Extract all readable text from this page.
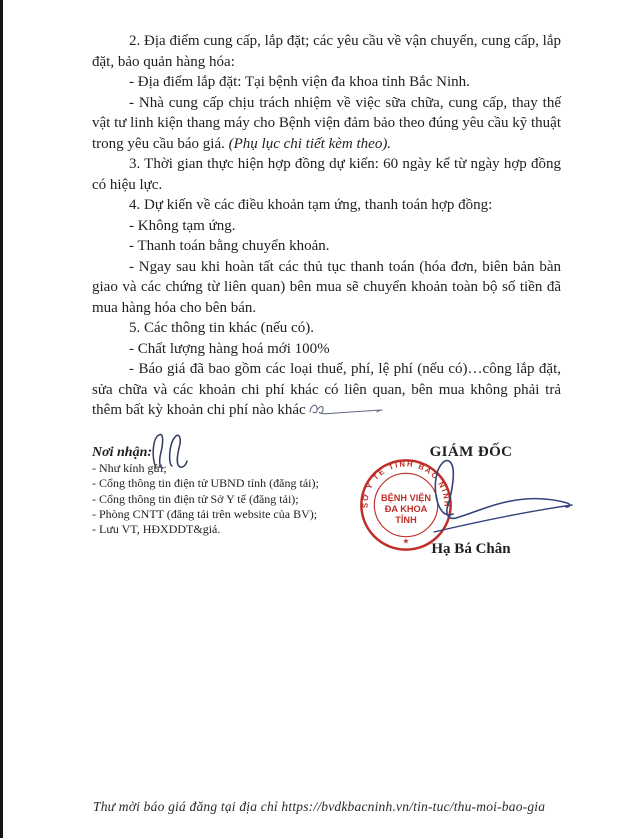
2. Địa điểm cung cấp, lắp đặt; các yêu cầu về vận chuyển, cung cấp, lắp đặt, bảo quản hàng hóa:

- Địa điểm lắp đặt: Tại bệnh viện đa khoa tỉnh Bắc Ninh.

- Nhà cung cấp chịu trách nhiệm về việc sữa chữa, cung cấp, thay thế vật tư linh kiện thang máy cho Bệnh viện đảm bảo theo đúng yêu cầu kỹ thuật trong yêu cầu báo giá. (Phụ lục chi tiết kèm theo).

3. Thời gian thực hiện hợp đồng dự kiến: 60 ngày kể từ ngày hợp đồng có hiệu lực.

4. Dự kiến về các điều khoản tạm ứng, thanh toán hợp đồng:

- Không tạm ứng.

- Thanh toán bằng chuyển khoản.

- Ngay sau khi hoàn tất các thủ tục thanh toán (hóa đơn, biên bản bàn giao và các chứng từ liên quan) bên mua sẽ chuyển khoản toàn bộ số tiền đã mua hàng hóa cho bên bán.

5. Các thông tin khác (nếu có).

- Chất lượng hàng hoá mới 100%

- Báo giá đã bao gồm các loại thuế, phí, lệ phí (nếu có)…công lắp đặt, sửa chữa và các khoản chi phí khác có liên quan, bên mua không phải trả thêm bất kỳ khoản chi phí nào khác

Nơi nhận:
- Như kính gửi;
- Cổng thông tin điện tử UBND tỉnh (đăng tải);
- Cổng thông tin điện tử Sở Y tế (đăng tải);
- Phòng CNTT (đăng tải trên website của BV);
- Lưu VT, HĐXDDT&giá.
GIÁM ĐỐC
SỞ Y TẾ TỈNH BẮC NINH
★
BỆNH VIỆN
ĐA KHOA
TỈNH
Hạ Bá Chân
Thư mời báo giá đăng tại địa chỉ https://bvdkbacninh.vn/tin-tuc/thu-moi-bao-gia
